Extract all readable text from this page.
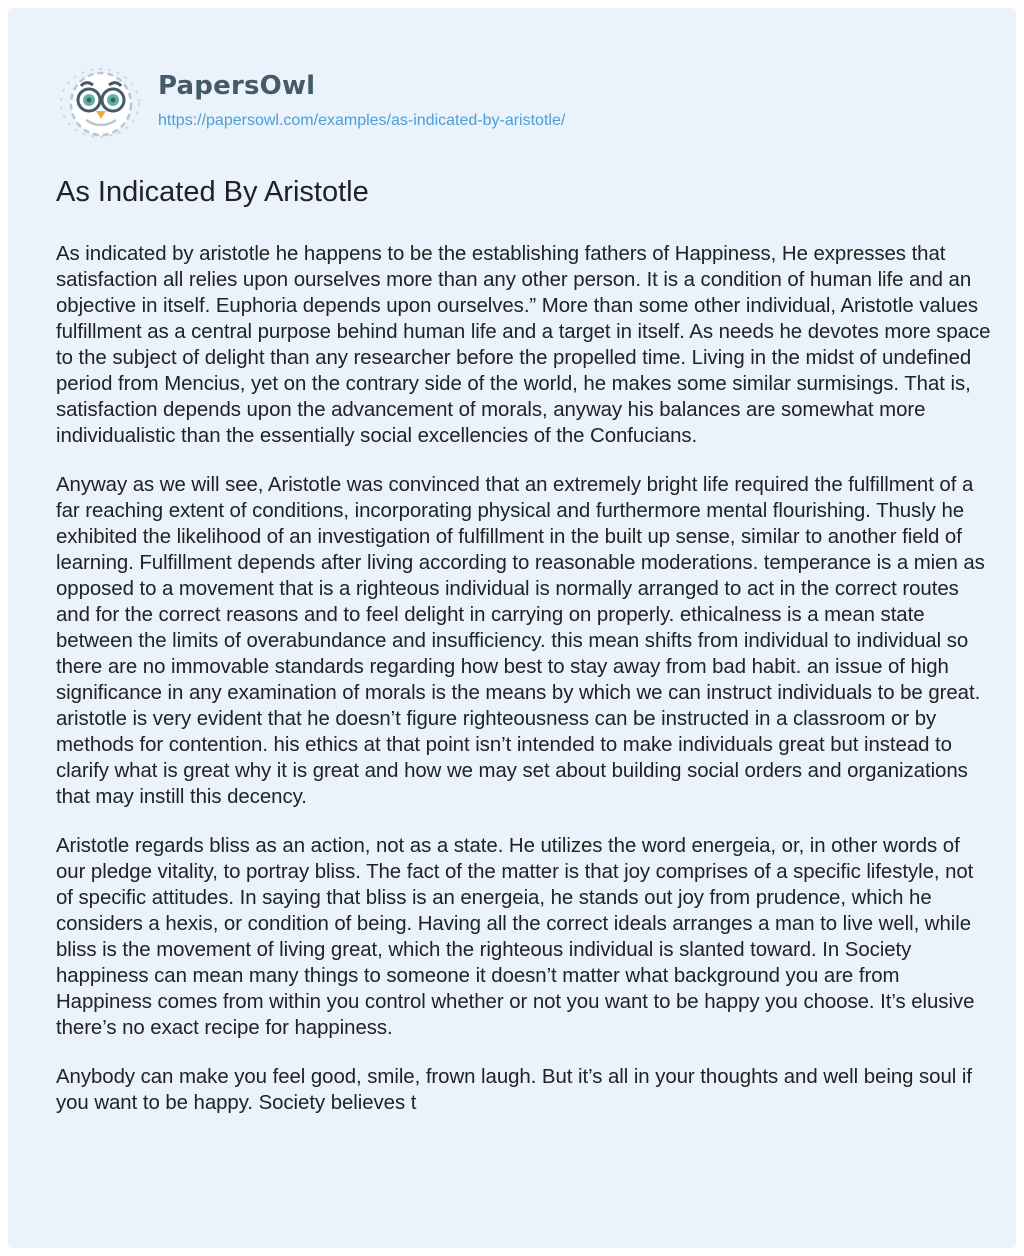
PapersOwl
https://papersowl.com/examples/as-indicated-by-aristotle/
As Indicated By Aristotle

As indicated by aristotle he happens to be the establishing fathers of Happiness, He expresses that satisfaction all relies upon ourselves more than any other person. It is a condition of human life and an objective in itself. Euphoria depends upon ourselves.” More than some other individual, Aristotle values fulfillment as a central purpose behind human life and a target in itself. As needs he devotes more space to the subject of delight than any researcher before the propelled time. Living in the midst of undefined period from Mencius, yet on the contrary side of the world, he makes some similar surmisings. That is, satisfaction depends upon the advancement of morals, anyway his balances are somewhat more individualistic than the essentially social excellencies of the Confucians.

Anyway as we will see, Aristotle was convinced that an extremely bright life required the fulfillment of a far reaching extent of conditions, incorporating physical and furthermore mental flourishing. Thusly he exhibited the likelihood of an investigation of fulfillment in the built up sense, similar to another field of learning. Fulfillment depends after living according to reasonable moderations. temperance is a mien as opposed to a movement that is a righteous individual is normally arranged to act in the correct routes and for the correct reasons and to feel delight in carrying on properly. ethicalness is a mean state between the limits of overabundance and insufficiency. this mean shifts from individual to individual so there are no immovable standards regarding how best to stay away from bad habit. an issue of high significance in any examination of morals is the means by which we can instruct individuals to be great. aristotle is very evident that he doesn’t figure righteousness can be instructed in a classroom or by methods for contention. his ethics at that point isn’t intended to make individuals great but instead to clarify what is great why it is great and how we may set about building social orders and organizations that may instill this decency.

Aristotle regards bliss as an action, not as a state. He utilizes the word energeia, or, in other words of our pledge vitality, to portray bliss. The fact of the matter is that joy comprises of a specific lifestyle, not of specific attitudes. In saying that bliss is an energeia, he stands out joy from prudence, which he considers a hexis, or condition of being. Having all the correct ideals arranges a man to live well, while bliss is the movement of living great, which the righteous individual is slanted toward. In Society happiness can mean many things to someone it doesn’t matter what background you are from Happiness comes from within you control whether or not you want to be happy you choose. It’s elusive there’s no exact recipe for happiness.

Anybody can make you feel good, smile, frown laugh. But it’s all in your thoughts and well being soul if you want to be happy. Society believes t
